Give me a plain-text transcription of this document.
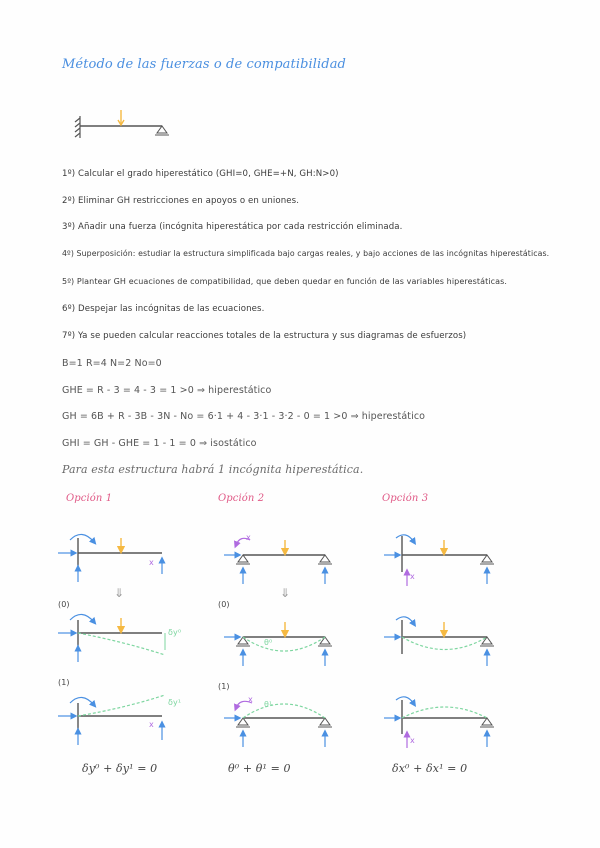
Método de las fuerzas o de compatibilidad
1º) Calcular el grado hiperestático (GHI=0, GHE=+N, GH:N>0)
2º) Eliminar GH restricciones en apoyos o en uniones.
3º) Añadir una fuerza (incógnita hiperestática por cada restricción eliminada.
4º) Superposición: estudiar la estructura simplificada bajo cargas reales, y bajo acciones de las incógnitas hiperestáticas.
5º) Plantear GH ecuaciones de compatibilidad, que deben quedar en función de las variables hiperestáticas.
6º) Despejar las incógnitas de las ecuaciones.
7º) Ya se pueden calcular reacciones totales de la estructura y sus diagramas de esfuerzos)
B=1 R=4 N=2 No=0
GHE = R - 3 = 4 - 3 = 1 >0 ⇒ hiperestático
GH = 6B + R - 3B - 3N - No = 6·1 + 4 - 3·1 - 3·2 - 0 = 1 >0 ⇒ hiperestático
GHI = GH - GHE = 1 - 1 = 0 ⇒ isostático
Para esta estructura habrá 1 incógnita hiperestática.
Opción 1	Opción 2	Opción 3
⇓	⇓
(0)
(1)
(0)
(1)
x
x
x
x
x
x
δy⁰
δy¹
θ⁰
θ¹
δy⁰ + δy¹ = 0	θ⁰ + θ¹ = 0	δx⁰ + δx¹ = 0
